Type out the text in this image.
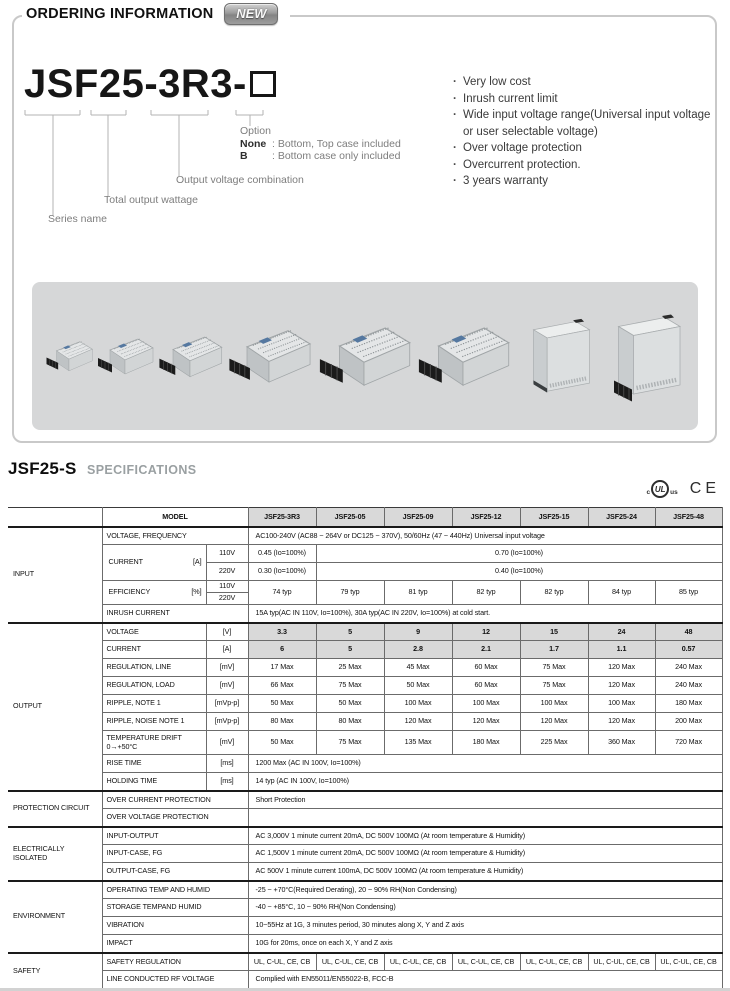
ORDERING INFORMATION	NEW
JSF25-3R3-
Option
None : Bottom, Top case included
B : Bottom case only included
Output voltage combination
Total output wattage
Series name
· Very low cost
· Inrush current limit
· Wide input voltage range(Universal input voltage or user selectable voltage)
· Over voltage protection
· Overcurrent protection.
· 3 years warranty
JSF25-S SPECIFICATIONS
c UL us CE
	MODEL		JSF25-3R3	JSF25-05	JSF25-09	JSF25-12	JSF25-15	JSF25-24	JSF25-48
INPUT	VOLTAGE, FREQUENCY		AC100-240V (AC88 ~ 264V or DC125 ~ 370V), 50/60Hz (47 ~ 440Hz) Universal input voltage						

	CURRENT [A]	110V	0.45 (Io=100%)	0.70 (Io=100%)					
		220V	0.30 (Io=100%)	0.40 (Io=100%)					

	EFFICIENCY [%]	110V	74 typ	79 typ	81 typ	82 typ	82 typ	84 typ	85 typ
		220V							
	INRUSH CURRENT		15A typ(AC IN 110V, Io=100%), 30A typ(AC IN 220V, Io=100%) at cold start.						
OUTPUT	VOLTAGE	[V]	3.3	5	9	12	15	24	48
	CURRENT	[A]	6	5	2.8	2.1	1.7	1.1	0.57
	REGULATION, LINE	[mV]	17 Max	25 Max	45 Max	60 Max	75 Max	120 Max	240 Max
	REGULATION, LOAD	[mV]	66 Max	75 Max	50 Max	60 Max	75 Max	120 Max	240 Max
	RIPPLE, NOTE 1	[mVp-p]	50 Max	50 Max	100 Max	100 Max	100 Max	100 Max	180 Max
	RIPPLE, NOISE NOTE 1	[mVp-p]	80 Max	80 Max	120 Max	120 Max	120 Max	120 Max	200 Max
	TEMPERATURE DRIFT 0→+50°C	[mV]	50 Max	75 Max	135 Max	180 Max	225 Max	360 Max	720 Max
	RISE TIME	[ms]	1200 Max (AC IN 100V, Io=100%)						
	HOLDING TIME	[ms]	14 typ (AC IN 100V, Io=100%)						
PROTECTION CIRCUIT	OVER CURRENT PROTECTION		Short Protection						
	OVER VOLTAGE PROTECTION								
ELECTRICALLY ISOLATED	INPUT-OUTPUT		AC 3,000V 1 minute current 20mA, DC 500V 100MΩ (At room temperature & Humidity)						
	INPUT-CASE, FG		AC 1,500V 1 minute current 20mA, DC 500V 100MΩ (At room temperature & Humidity)						
	OUTPUT-CASE, FG		AC 500V 1 minute current 100mA, DC 500V 100MΩ (At room temperature & Humidity)						
ENVIRONMENT	OPERATING TEMP AND HUMID		-25 ~ +70°C(Required Derating), 20 ~ 90% RH(Non Condensing)						
	STORAGE TEMPAND HUMID		-40 ~ +85°C, 10 ~ 90% RH(Non Condensing)						
	VIBRATION		10~55Hz at 1G, 3 minutes period, 30 minutes along X, Y and Z axis						
	IMPACT		10G for 20ms, once on each X, Y and Z axis						
SAFETY	SAFETY REGULATION		UL, C-UL, CE, CB	UL, C-UL, CE, CB	UL, C-UL, CE, CB	UL, C-UL, CE, CB	UL, C-UL, CE, CB	UL, C-UL, CE, CB	UL, C-UL, CE, CB
	LINE CONDUCTED RF VOLTAGE		Complied with EN55011/EN55022-B, FCC-B						
